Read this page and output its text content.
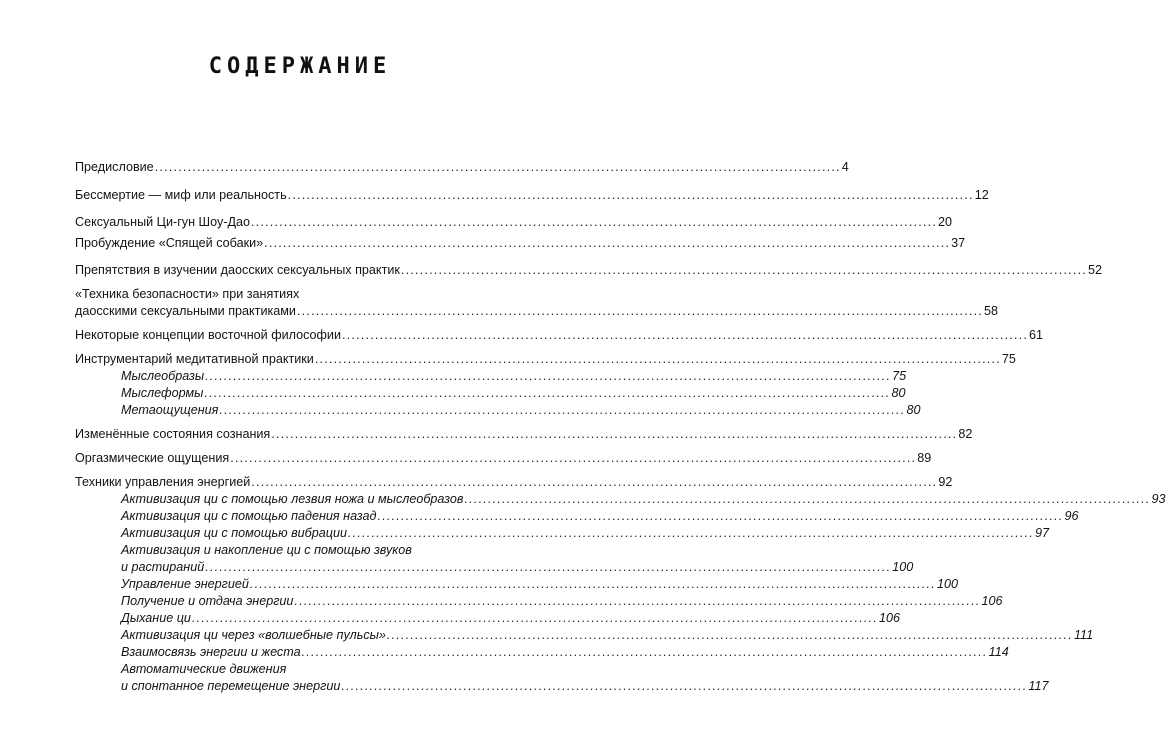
СОДЕРЖАНИЕ
Предисловие .................................................................................................................................................. 4
Бессмертие — миф или реальность .................................................................................................................................................. 12
Сексуальный Ци-гун Шоу-Дао .................................................................................................................................................. 20
Пробуждение «Спящей собаки» .................................................................................................................................................. 37
Препятствия в изучении даосских сексуальных практик .................................................................................................................................................. 52
«Техника безопасности» при занятиях
даосскими сексуальными практиками .................................................................................................................................................. 58
Некоторые концепции восточной философии .................................................................................................................................................. 61
Инструментарий медитативной практики .................................................................................................................................................. 75
Мыслеобразы .................................................................................................................................................. 75
Мыслеформы .................................................................................................................................................. 80
Метаощущения .................................................................................................................................................. 80
Изменённые состояния сознания .................................................................................................................................................. 82
Оргазмические ощущения .................................................................................................................................................. 89
Техники управления энергией .................................................................................................................................................. 92
Активизация ци с помощью лезвия ножа и мыслеобразов .................................................................................................................................................. 93
Активизация ци с помощью падения назад .................................................................................................................................................. 96
Активизация ци с помощью вибрации .................................................................................................................................................. 97
Активизация и накопление ци с помощью звуков
и растираний .................................................................................................................................................. 100
Управление энергией .................................................................................................................................................. 100
Получение и отдача энергии .................................................................................................................................................. 106
Дыхание ци .................................................................................................................................................. 106
Активизация ци через «волшебные пульсы» .................................................................................................................................................. 111
Взаимосвязь энергии и жеста .................................................................................................................................................. 114
Автоматические движения
и спонтанное перемещение энергии .................................................................................................................................................. 117
